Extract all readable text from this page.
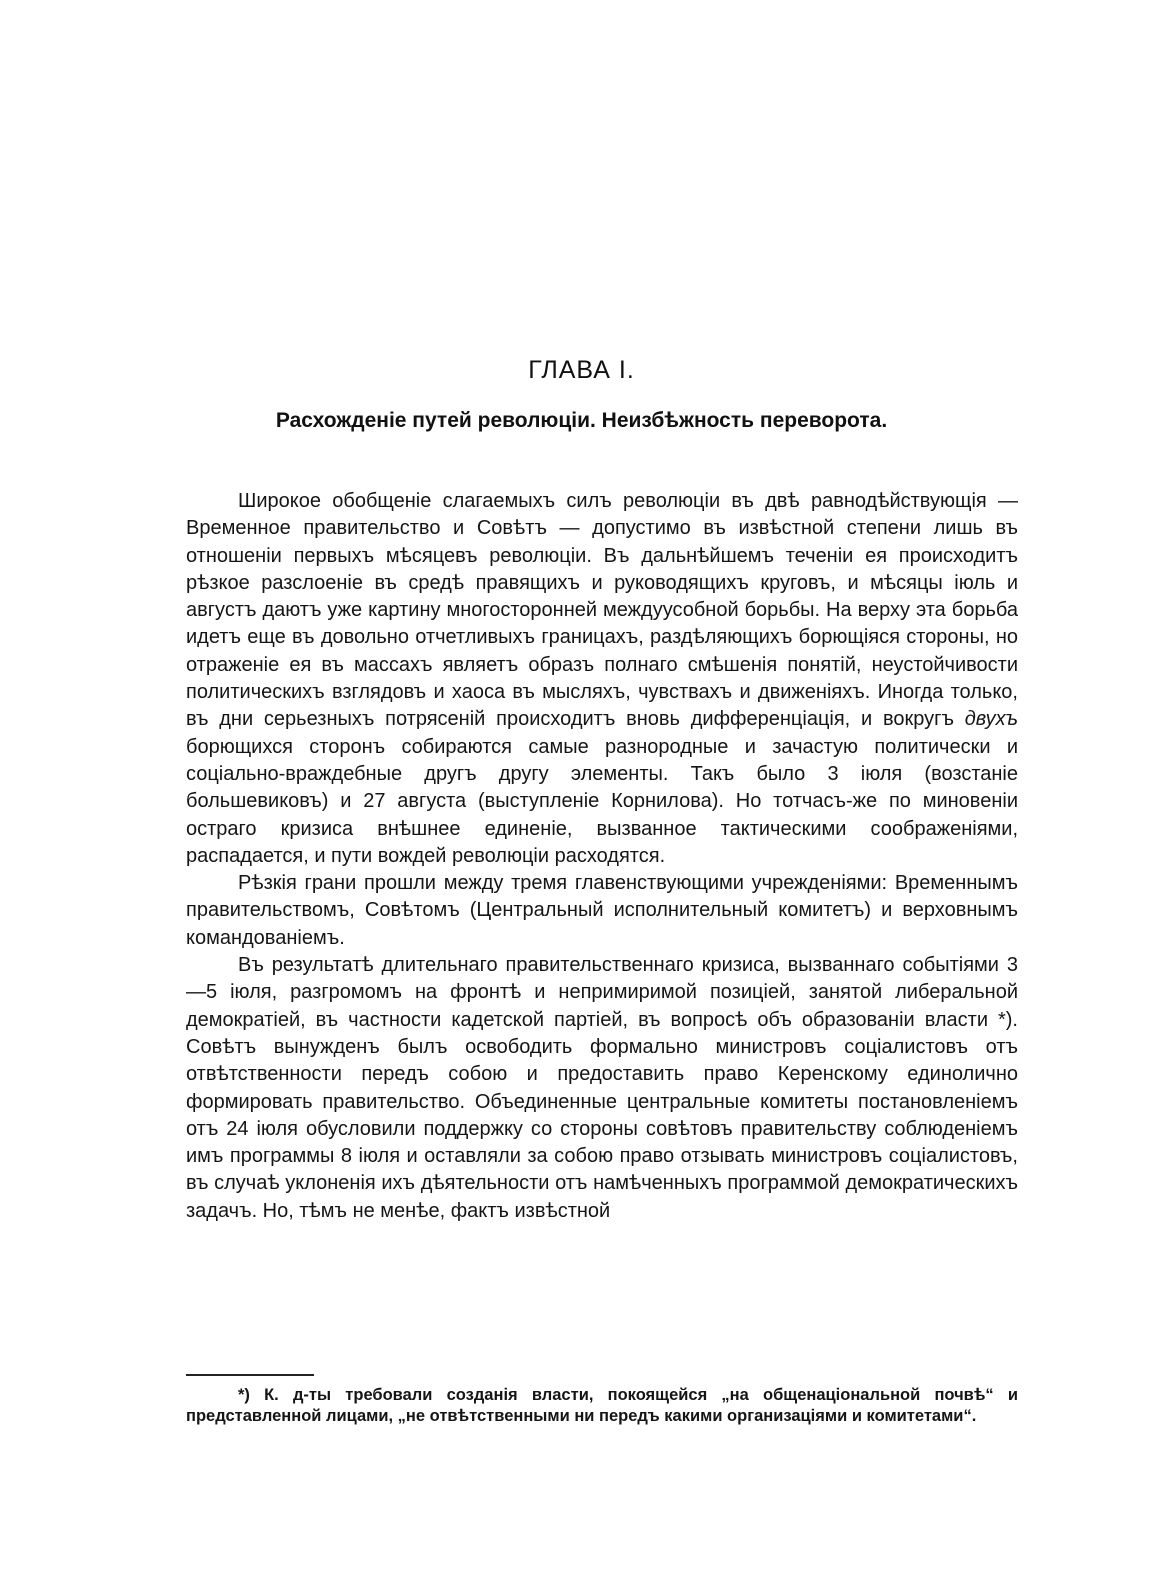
ГЛАВА I.
Расхожденіе путей революціи. Неизбѣжность переворота.

Широкое обобщеніе слагаемыхъ силъ революціи въ двѣ равнодѣйствующія — Временное правительство и Совѣтъ — допустимо въ извѣстной степени лишь въ отношеніи первыхъ мѣсяцевъ революціи. Въ дальнѣйшемъ теченіи ея происходитъ рѣзкое разслоеніе въ средѣ правящихъ и руководящихъ круговъ, и мѣсяцы іюль и августъ даютъ уже картину многосторонней междуусобной борьбы. На верху эта борьба идетъ еще въ довольно отчетливыхъ границахъ, раздѣляющихъ борющіяся стороны, но отраженіе ея въ массахъ являетъ образъ полнаго смѣшенія понятій, неустойчивости политическихъ взглядовъ и хаоса въ мысляхъ, чувствахъ и движеніяхъ. Иногда только, въ дни серьезныхъ потрясеній происходитъ вновь дифференціація, и вокругъ двухъ борющихся сторонъ собираются самые разнородные и зачастую политически и соціально-враждебные другъ другу элементы. Такъ было 3 іюля (возстаніе большевиковъ) и 27 августа (выступленіе Корнилова). Но тотчасъ-же по миновеніи остраго кризиса внѣшнее единеніе, вызванное тактическими соображеніями, распадается, и пути вождей революціи расходятся.

Рѣзкія грани прошли между тремя главенствующими учрежденіями: Временнымъ правительствомъ, Совѣтомъ (Центральный исполнительный комитетъ) и верховнымъ командованіемъ.

Въ результатѣ длительнаго правительственнаго кризиса, вызваннаго событіями 3—5 іюля, разгромомъ на фронтѣ и непримиримой позиціей, занятой либеральной демократіей, въ частности кадетской партіей, въ вопросѣ объ образованіи власти *). Совѣтъ вынужденъ былъ освободить формально министровъ соціалистовъ отъ отвѣтственности передъ собою и предоставить право Керенскому единолично формировать правительство. Объединенные центральные комитеты постановленіемъ отъ 24 іюля обусловили поддержку со стороны совѣтовъ правительству соблюденіемъ имъ программы 8 іюля и оставляли за собою право отзывать министровъ соціалистовъ, въ случаѣ уклоненія ихъ дѣятельности отъ намѣченныхъ программой демократическихъ задачъ. Но, тѣмъ не менѣе, фактъ извѣстной

*) К. д-ты требовали созданія власти, покоящейся „на общенаціональной почвѣ“ и представленной лицами, „не отвѣтственными ни передъ какими организаціями и комитетами“.
